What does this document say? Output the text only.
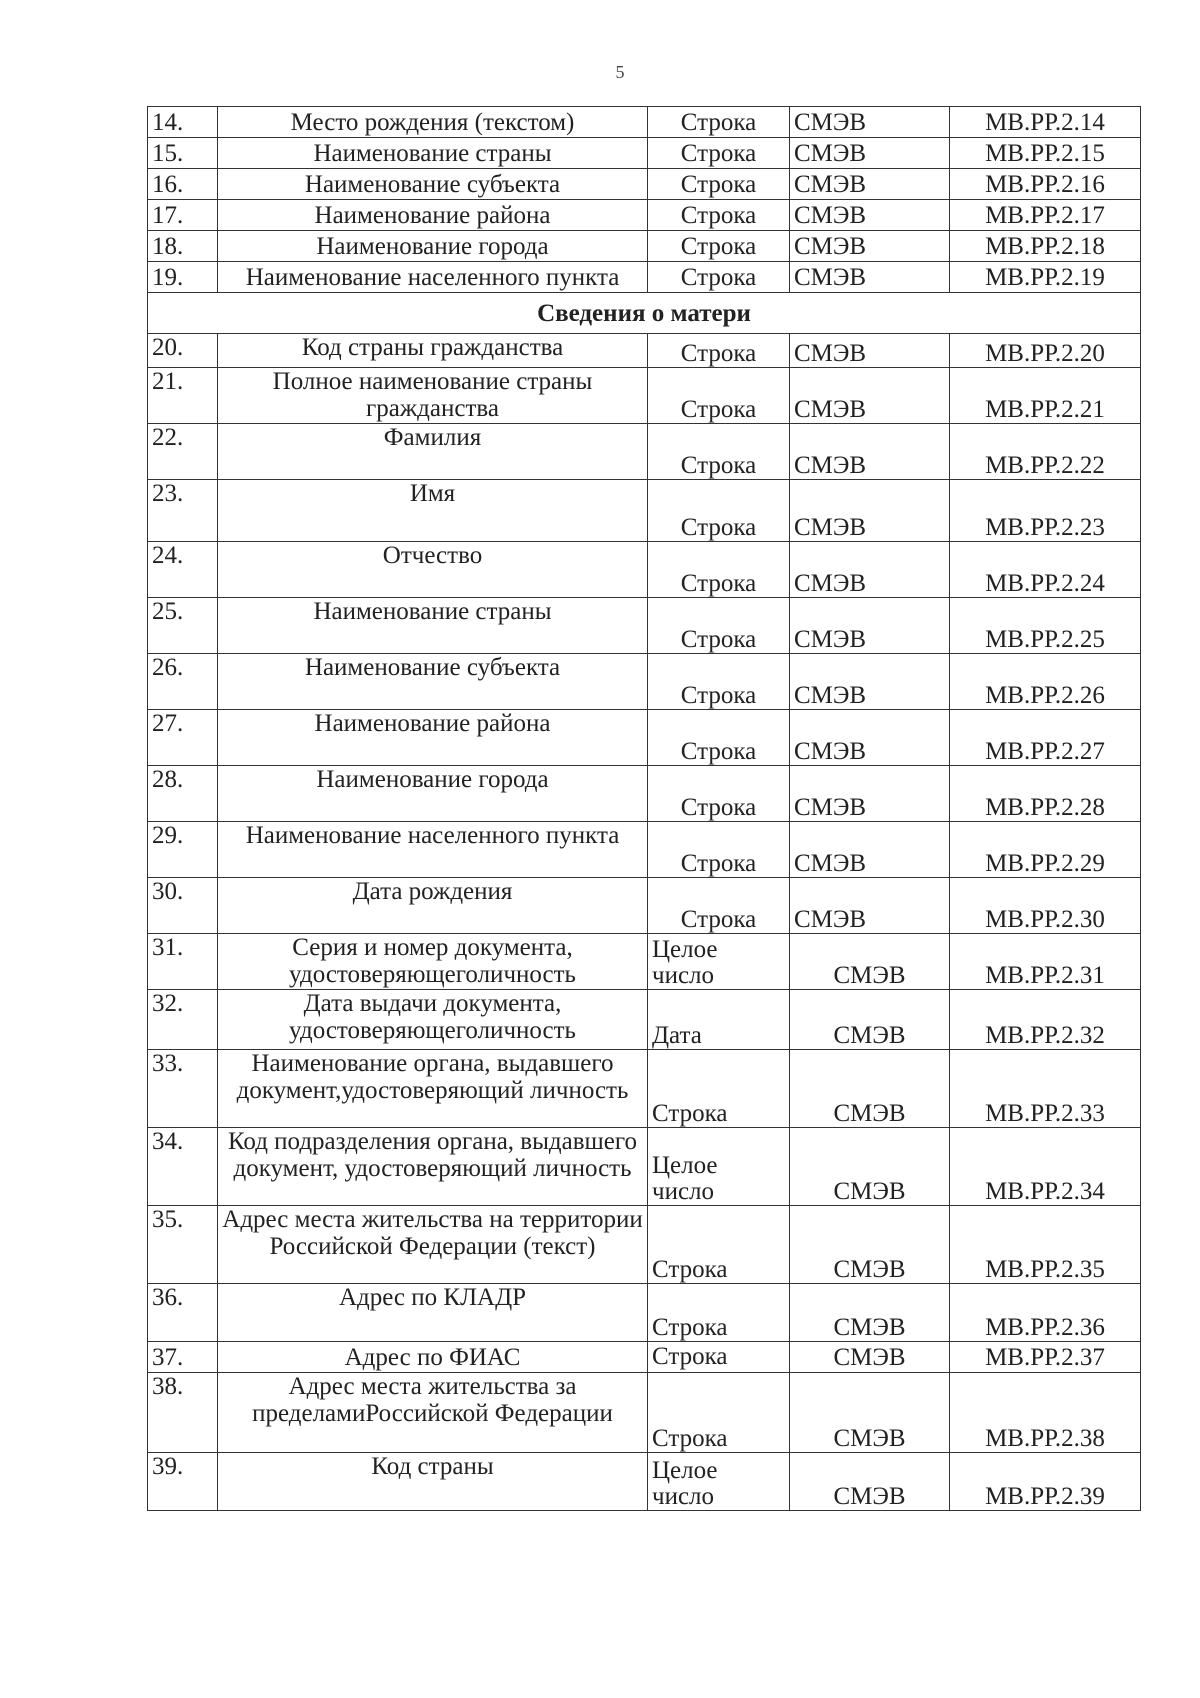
5
14.	Место рождения (текстом)	Строка	СМЭВ	МВ.РР.2.14
15.	Наименование страны	Строка	СМЭВ	МВ.РР.2.15
16.	Наименование субъекта	Строка	СМЭВ	МВ.РР.2.16
17.	Наименование района	Строка	СМЭВ	МВ.РР.2.17
18.	Наименование города	Строка	СМЭВ	МВ.РР.2.18
19.	Наименование населенного пункта	Строка	СМЭВ	МВ.РР.2.19
Сведения о матери				
20.	Код страны гражданства	Строка	СМЭВ	МВ.РР.2.20
21.	Полное наименование страны гражданства	Строка	СМЭВ	МВ.РР.2.21
22.	Фамилия	Строка	СМЭВ	МВ.РР.2.22
23.	Имя	Строка	СМЭВ	МВ.РР.2.23
24.	Отчество	Строка	СМЭВ	МВ.РР.2.24
25.	Наименование страны	Строка	СМЭВ	МВ.РР.2.25
26.	Наименование субъекта	Строка	СМЭВ	МВ.РР.2.26
27.	Наименование района	Строка	СМЭВ	МВ.РР.2.27
28.	Наименование города	Строка	СМЭВ	МВ.РР.2.28
29.	Наименование населенного пункта	Строка	СМЭВ	МВ.РР.2.29
30.	Дата рождения	Строка	СМЭВ	МВ.РР.2.30
31.	Серия и номер документа, удостоверяющеголичность	Целое число	СМЭВ	МВ.РР.2.31
32.	Дата выдачи документа, удостоверяющеголичность	Дата	СМЭВ	МВ.РР.2.32
33.	Наименование органа, выдавшего документ,удостоверяющий личность	Строка	СМЭВ	МВ.РР.2.33
34.	Код подразделения органа, выдавшего документ, удостоверяющий личность	Целое число	СМЭВ	МВ.РР.2.34
35.	Адрес места жительства на территории Российской Федерации (текст)	Строка	СМЭВ	МВ.РР.2.35
36.	Адрес по КЛАДР	Строка	СМЭВ	МВ.РР.2.36
37.	Адрес по ФИАС	Строка	СМЭВ	МВ.РР.2.37
38.	Адрес места жительства за пределамиРоссийской Федерации	Строка	СМЭВ	МВ.РР.2.38
39.	Код страны	Целое число	СМЭВ	МВ.РР.2.39
